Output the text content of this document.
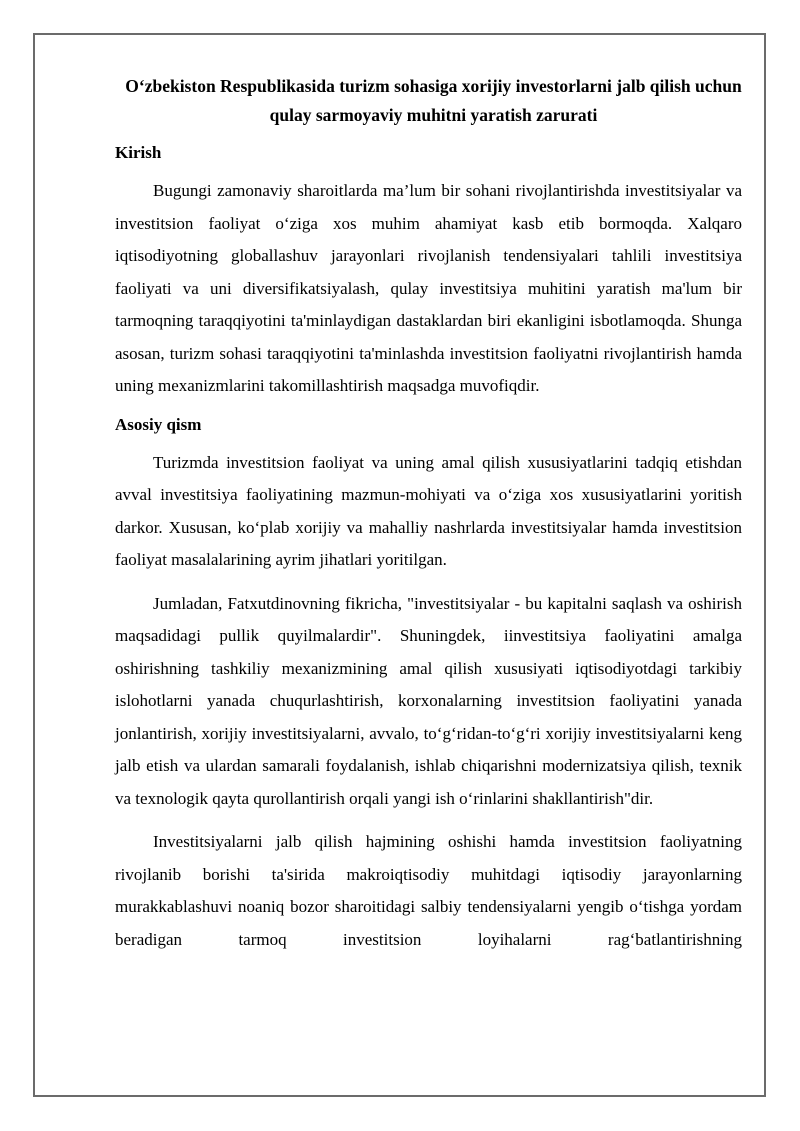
O‘zbekiston Respublikasida turizm sohasiga xorijiy investorlarni jalb qilish uchun qulay sarmoyaviy muhitni yaratish zarurati
Kirish

Bugungi zamonaviy sharoitlarda ma’lum bir sohani rivojlantirishda investitsiyalar va investitsion faoliyat o‘ziga xos muhim ahamiyat kasb etib bormoqda. Xalqaro iqtisodiyotning globallashuv jarayonlari rivojlanish tendensiyalari tahlili investitsiya faoliyati va uni diversifikatsiyalash, qulay investitsiya muhitini yaratish ma'lum bir tarmoqning taraqqiyotini ta'minlaydigan dastaklardan biri ekanligini isbotlamoqda. Shunga asosan, turizm sohasi taraqqiyotini ta'minlashda investitsion faoliyatni rivojlantirish hamda uning mexanizmlarini takomillashtirish maqsadga muvofiqdir.

Asosiy qism

Turizmda investitsion faoliyat va uning amal qilish xususiyatlarini tadqiq etishdan avval investitsiya faoliyatining mazmun-mohiyati va o‘ziga xos xususiyatlarini yoritish darkor. Xususan, ko‘plab xorijiy va mahalliy nashrlarda investitsiyalar hamda investitsion faoliyat masalalarining ayrim jihatlari yoritilgan.

Jumladan, Fatxutdinovning fikricha, "investitsiyalar - bu kapitalni saqlash va oshirish maqsadidagi pullik quyilmalardir". Shuningdek, iinvestitsiya faoliyatini amalga oshirishning tashkiliy mexanizmining amal qilish xususiyati iqtisodiyotdagi tarkibiy islohotlarni yanada chuqurlashtirish, korxonalarning investitsion faoliyatini yanada jonlantirish, xorijiy investitsiyalarni, avvalo, to‘g‘ridan-to‘g‘ri xorijiy investitsiyalarni keng jalb etish va ulardan samarali foydalanish, ishlab chiqarishni modernizatsiya qilish, texnik va texnologik qayta qurollantirish orqali yangi ish o‘rinlarini shakllantirish"dir.

Investitsiyalarni jalb qilish hajmining oshishi hamda investitsion faoliyatning rivojlanib borishi ta'sirida makroiqtisodiy muhitdagi iqtisodiy jarayonlarning murakkablashuvi noaniq bozor sharoitidagi salbiy tendensiyalarni yengib o‘tishga yordam beradigan tarmoq investitsion loyihalarni rag‘batlantirishning
